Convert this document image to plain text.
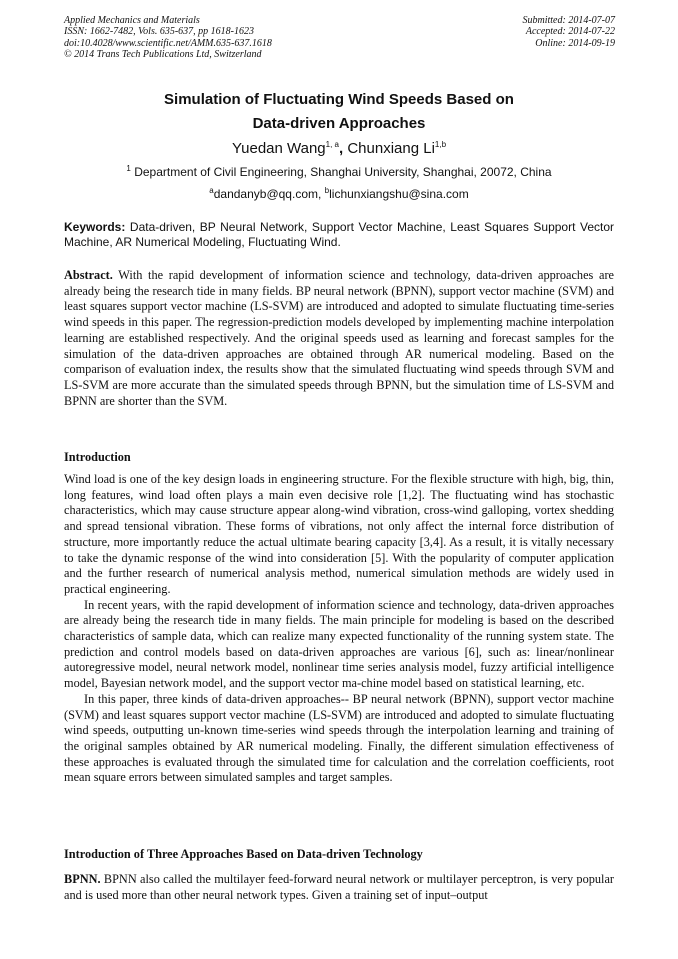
Applied Mechanics and Materials
ISSN: 1662-7482, Vols. 635-637, pp 1618-1623
doi:10.4028/www.scientific.net/AMM.635-637.1618
© 2014 Trans Tech Publications Ltd, Switzerland
Submitted: 2014-07-07
Accepted: 2014-07-22
Online: 2014-09-19
Simulation of Fluctuating Wind Speeds Based on
Data-driven Approaches
Yuedan Wang$^{1, a}$, Chunxiang Li$^{1,b}$
$^1$ Department of Civil Engineering, Shanghai University, Shanghai, 20072, China
$^a$dandanyb@qq.com, $^b$lichunxiangshu@sina.com
Keywords: Data-driven, BP Neural Network, Support Vector Machine, Least Squares Support Vector Machine, AR Numerical Modeling, Fluctuating Wind.
Abstract. With the rapid development of information science and technology, data-driven approaches are already being the research tide in many fields. BP neural network (BPNN), support vector machine (SVM) and least squares support vector machine (LS-SVM) are introduced and adopted to simulate fluctuating time-series wind speeds in this paper. The regression-prediction models developed by implementing machine interpolation learning are established respectively. And the original speeds used as learning and forecast samples for the simulation of the data-driven approaches are obtained through AR numerical modeling. Based on the comparison of evaluation index, the results show that the simulated fluctuating wind speeds through SVM and LS-SVM are more accurate than the simulated speeds through BPNN, but the simulation time of LS-SVM and BPNN are shorter than the SVM.
Introduction

Wind load is one of the key design loads in engineering structure. For the flexible structure with high, big, thin, long features, wind load often plays a main even decisive role [1,2]. The fluctuating wind has stochastic characteristics, which may cause structure appear along-wind vibration, cross-wind galloping, vortex shedding and spread tensional vibration. These forms of vibrations, not only affect the internal force distribution of structure, more importantly reduce the actual ultimate bearing capacity [3,4]. As a result, it is vitally necessary to take the dynamic response of the wind into consideration [5]. With the popularity of computer application and the further research of numerical analysis method, numerical simulation methods are widely used in practical engineering.

In recent years, with the rapid development of information science and technology, data-driven approaches are already being the research tide in many fields. The main principle for modeling is based on the described characteristics of sample data, which can realize many expected functionality of the running system state. The prediction and control models based on data-driven approaches are various [6], such as: linear/nonlinear autoregressive model, neural network model, nonlinear time series analysis model, fuzzy artificial intelligence model, Bayesian network model, and the support vector ma-chine model based on statistical learning, etc.

In this paper, three kinds of data-driven approaches-- BP neural network (BPNN), support vector machine (SVM) and least squares support vector machine (LS-SVM) are introduced and adopted to simulate fluctuating wind speeds, outputting un-known time-series wind speeds through the interpolation learning and training of the original samples obtained by AR numerical modeling. Finally, the different simulation effectiveness of these approaches is evaluated through the simulated time for calculation and the correlation coefficients, root mean square errors between simulated samples and target samples.

Introduction of Three Approaches Based on Data-driven Technology
BPNN. BPNN also called the multilayer feed-forward neural network or multilayer perceptron, is very popular and is used more than other neural network types. Given a training set of input–output
